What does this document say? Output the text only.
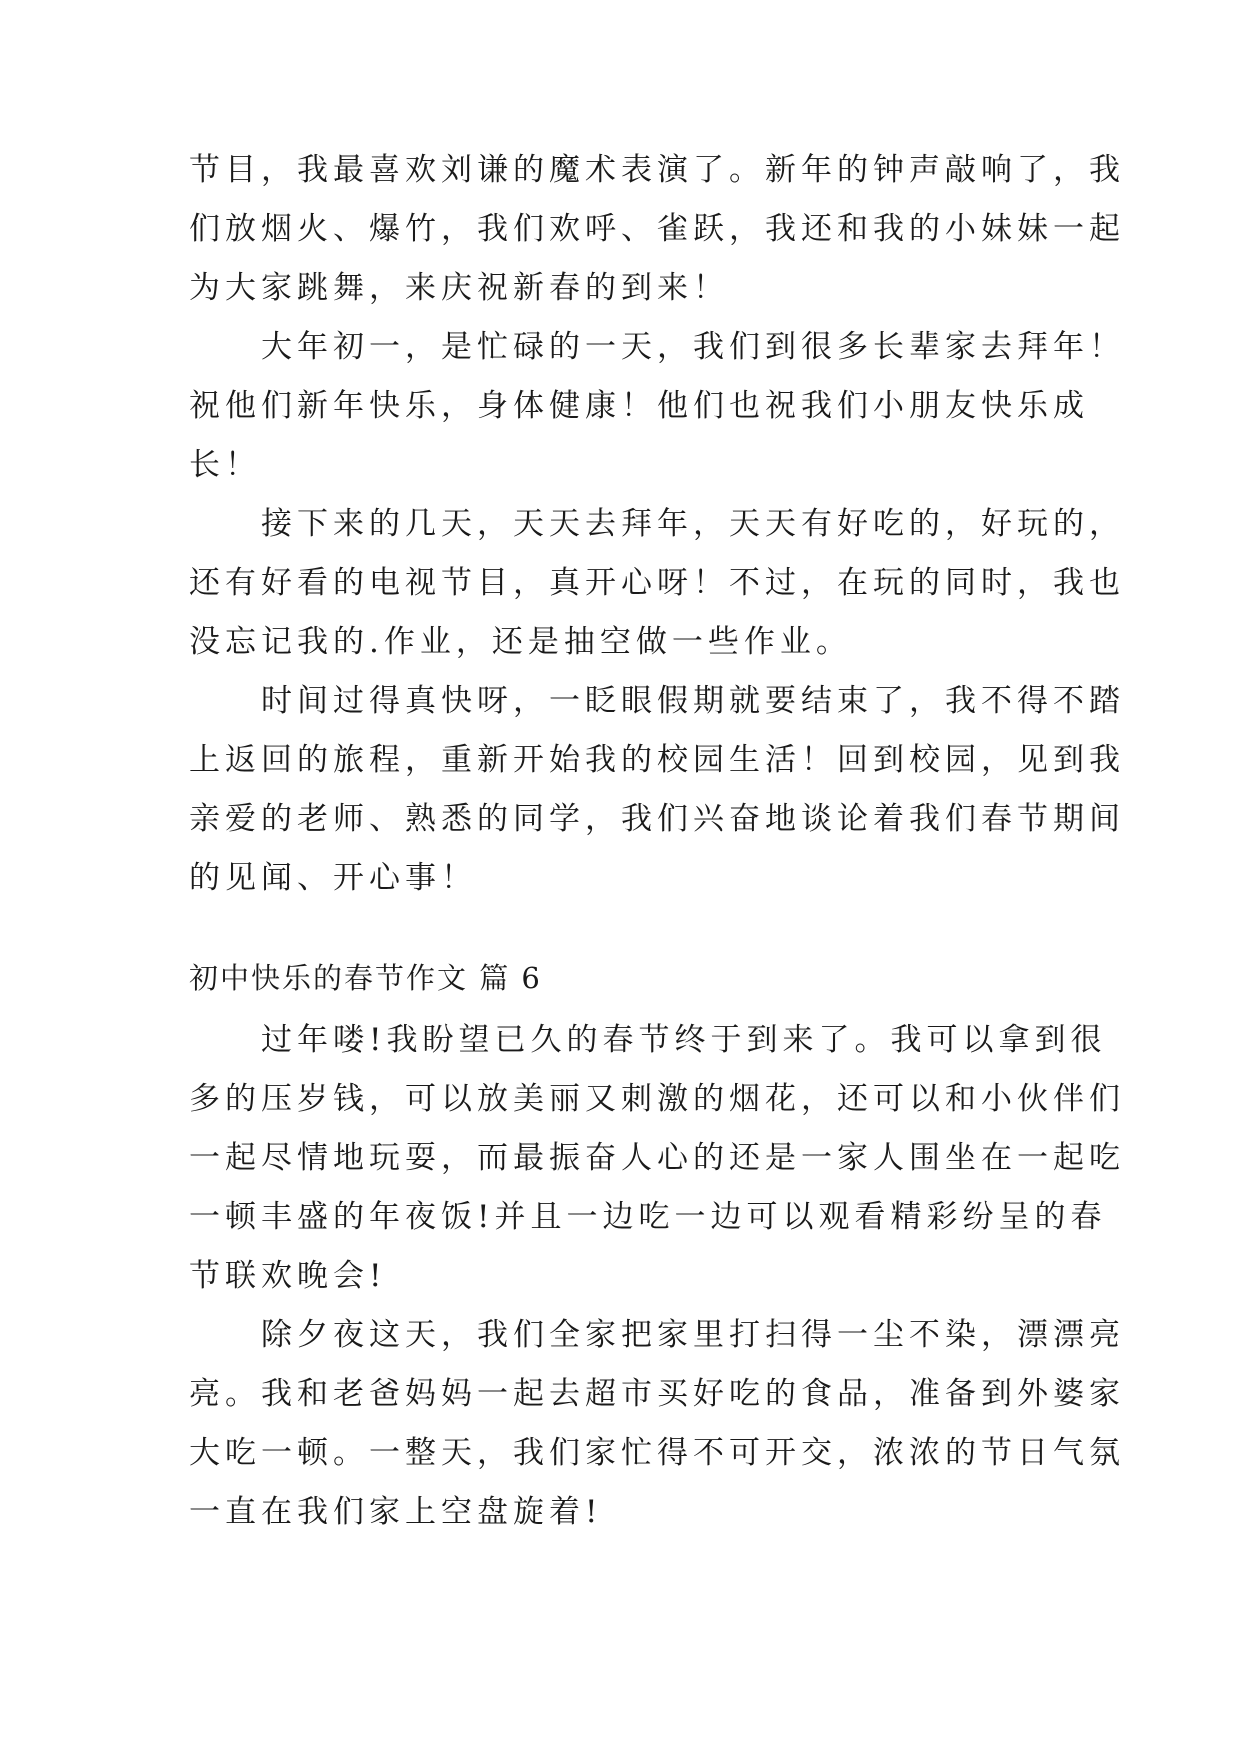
节目，我最喜欢刘谦的魔术表演了。新年的钟声敲响了，我
们放烟火、爆竹，我们欢呼、雀跃，我还和我的小妹妹一起
为大家跳舞，来庆祝新春的到来！
　　大年初一，是忙碌的一天，我们到很多长辈家去拜年！
祝他们新年快乐，身体健康！他们也祝我们小朋友快乐成
长！
　　接下来的几天，天天去拜年，天天有好吃的，好玩的，
还有好看的电视节目，真开心呀！不过，在玩的同时，我也
没忘记我的.作业，还是抽空做一些作业。
　　时间过得真快呀，一眨眼假期就要结束了，我不得不踏
上返回的旅程，重新开始我的校园生活！回到校园，见到我
亲爱的老师、熟悉的同学，我们兴奋地谈论着我们春节期间
的见闻、开心事！
初中快乐的春节作文 篇 6
　　过年喽!我盼望已久的春节终于到来了。我可以拿到很
多的压岁钱，可以放美丽又刺激的烟花，还可以和小伙伴们
一起尽情地玩耍，而最振奋人心的还是一家人围坐在一起吃
一顿丰盛的年夜饭!并且一边吃一边可以观看精彩纷呈的春
节联欢晚会!
　　除夕夜这天，我们全家把家里打扫得一尘不染，漂漂亮
亮。我和老爸妈妈一起去超市买好吃的食品，准备到外婆家
大吃一顿。一整天，我们家忙得不可开交，浓浓的节日气氛
一直在我们家上空盘旋着!
